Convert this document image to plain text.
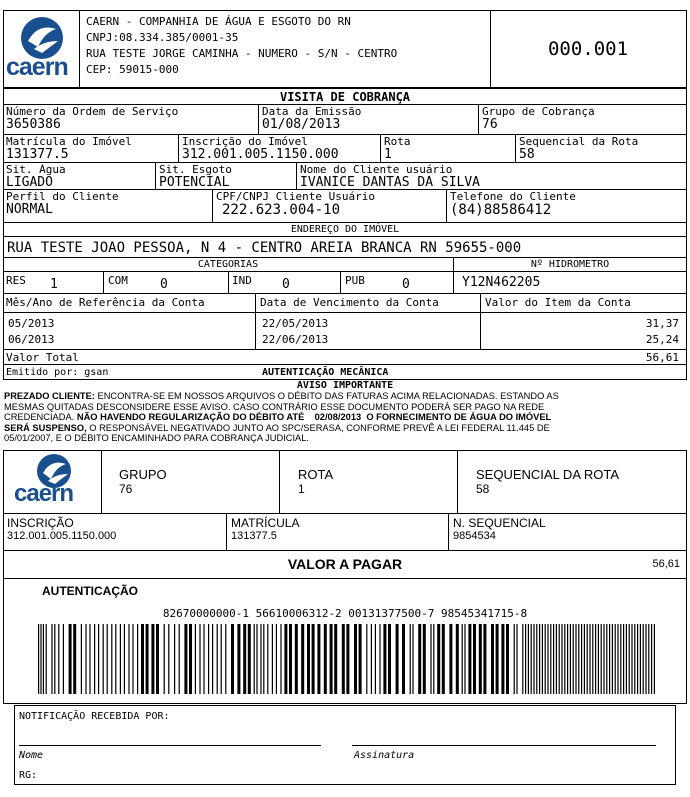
caern
CAERN - COMPANHIA DE ÁGUA E ESGOTO DO RN
CNPJ:08.334.385/0001-35
RUA TESTE JORGE CAMINHA - NUMERO - S/N - CENTRO
CEP: 59015-000
000.001
VISITA DE COBRANÇA
Número da Ordem de Serviço
3650386
Data da Emissão
01/08/2013
Grupo de Cobrança
76
Matrícula do Imóvel
131377.5
Inscrição do Imóvel
312.001.005.1150.000
Rota
1
Sequencial da Rota
58
Sit. Água
LIGADO
Sit. Esgoto
POTENCIAL
Nome do Cliente usuário
IVANICE DANTAS DA SILVA
Perfil do Cliente
NORMAL
CPF/CNPJ Cliente Usuário
222.623.004-10
Telefone do Cliente
(84)88586412
ENDEREÇO DO IMÓVEL
RUA TESTE JOAO PESSOA, N 4 - CENTRO AREIA BRANCA RN 59655-000
CATEGORIAS	Nº HIDROMETRO
RES 1	COM 0	IND 0	PUB	0	Y12N462205
Mês/Ano de Referência da Conta	Data de Vencimento da Conta	Valor do Item da Conta
05/2013	22/05/2013	31,37
06/2013	22/06/2013	25,24
Valor Total	56,61
Emitido por: gsan	AUTENTICAÇÃO MECÂNICA
AVISO IMPORTANTE
PREZADO CLIENTE: ENCONTRA-SE EM NOSSOS ARQUIVOS O DÉBITO DAS FATURAS ACIMA RELACIONADAS. ESTANDO AS
MESMAS QUITADAS DESCONSIDERE ESSE AVISO. CASO CONTRÁRIO ESSE DOCUMENTO PODERÁ SER PAGO NA REDE
CREDENCIADA. NÃO HAVENDO REGULARIZAÇÃO DO DÉBITO ATÉ 02/08/2013 O FORNECIMENTO DE ÁGUA DO IMÓVEL
SERÁ SUSPENSO, O RESPONSÁVEL NEGATIVADO JUNTO AO SPC/SERASA, CONFORME PREVÊ A LEI FEDERAL 11.445 DE
05/01/2007, E O DÉBITO ENCAMINHADO PARA COBRANÇA JUDICIAL.
caern
GRUPO
76
ROTA
1
SEQUENCIAL DA ROTA
58
INSCRIÇÃO
312.001.005.1150.000
MATRÍCULA
131377.5
N. SEQUENCIAL
9854534
VALOR A PAGAR	56,61
AUTENTICAÇÃO
82670000000-1 56610006312-2 00131377500-7 98545341715-8
NOTIFICAÇÃO RECEBIDA POR:
Nome	Assinatura
RG:
